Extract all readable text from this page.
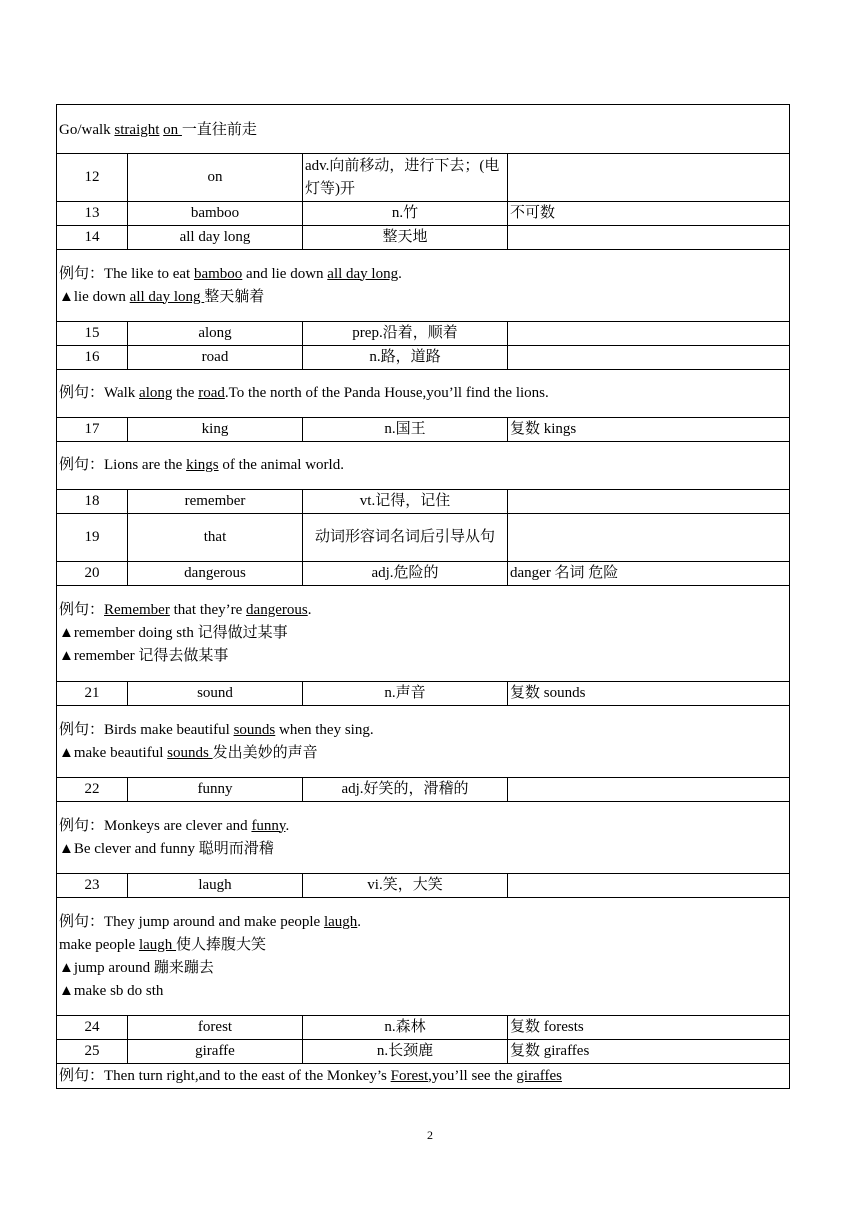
Go/walk straight on 一直往前走			

12	on	adv.向前移动，进行下去；(电灯等)开	
13	bamboo	n.竹	不可数
14	all day long	整天地	

例句：The like to eat bamboo and lie down all day long.
▲lie down all day long 整天躺着			

15	along	prep.沿着，顺着	
16	road	n.路，道路	

例句：Walk along the road.To the north of the Panda House,you’ll find the lions.			

17	king	n.国王	复数 kings

例句：Lions are the kings of the animal world.			

18	remember	vt.记得，记住	
19	that	动词形容词名词后引导从句	
20	dangerous	adj.危险的	danger 名词 危险

例句：Remember that they’re dangerous.
▲remember doing sth 记得做过某事
▲remember 记得去做某事			

21	sound	n.声音	复数 sounds

例句：Birds make beautiful sounds when they sing.
▲make beautiful sounds 发出美妙的声音			

22	funny	adj.好笑的，滑稽的	

例句：Monkeys are clever and funny.
▲Be clever and funny 聪明而滑稽			

23	laugh	vi.笑，大笑	

例句：They jump around and make people laugh.
make people laugh 使人捧腹大笑
▲jump around 蹦来蹦去
▲make sb do sth			

24	forest	n.森林	复数 forests
25	giraffe	n.长颈鹿	复数 giraffes

例句：Then turn right,and to the east of the Monkey’s Forest,you’ll see the giraffes			
2
